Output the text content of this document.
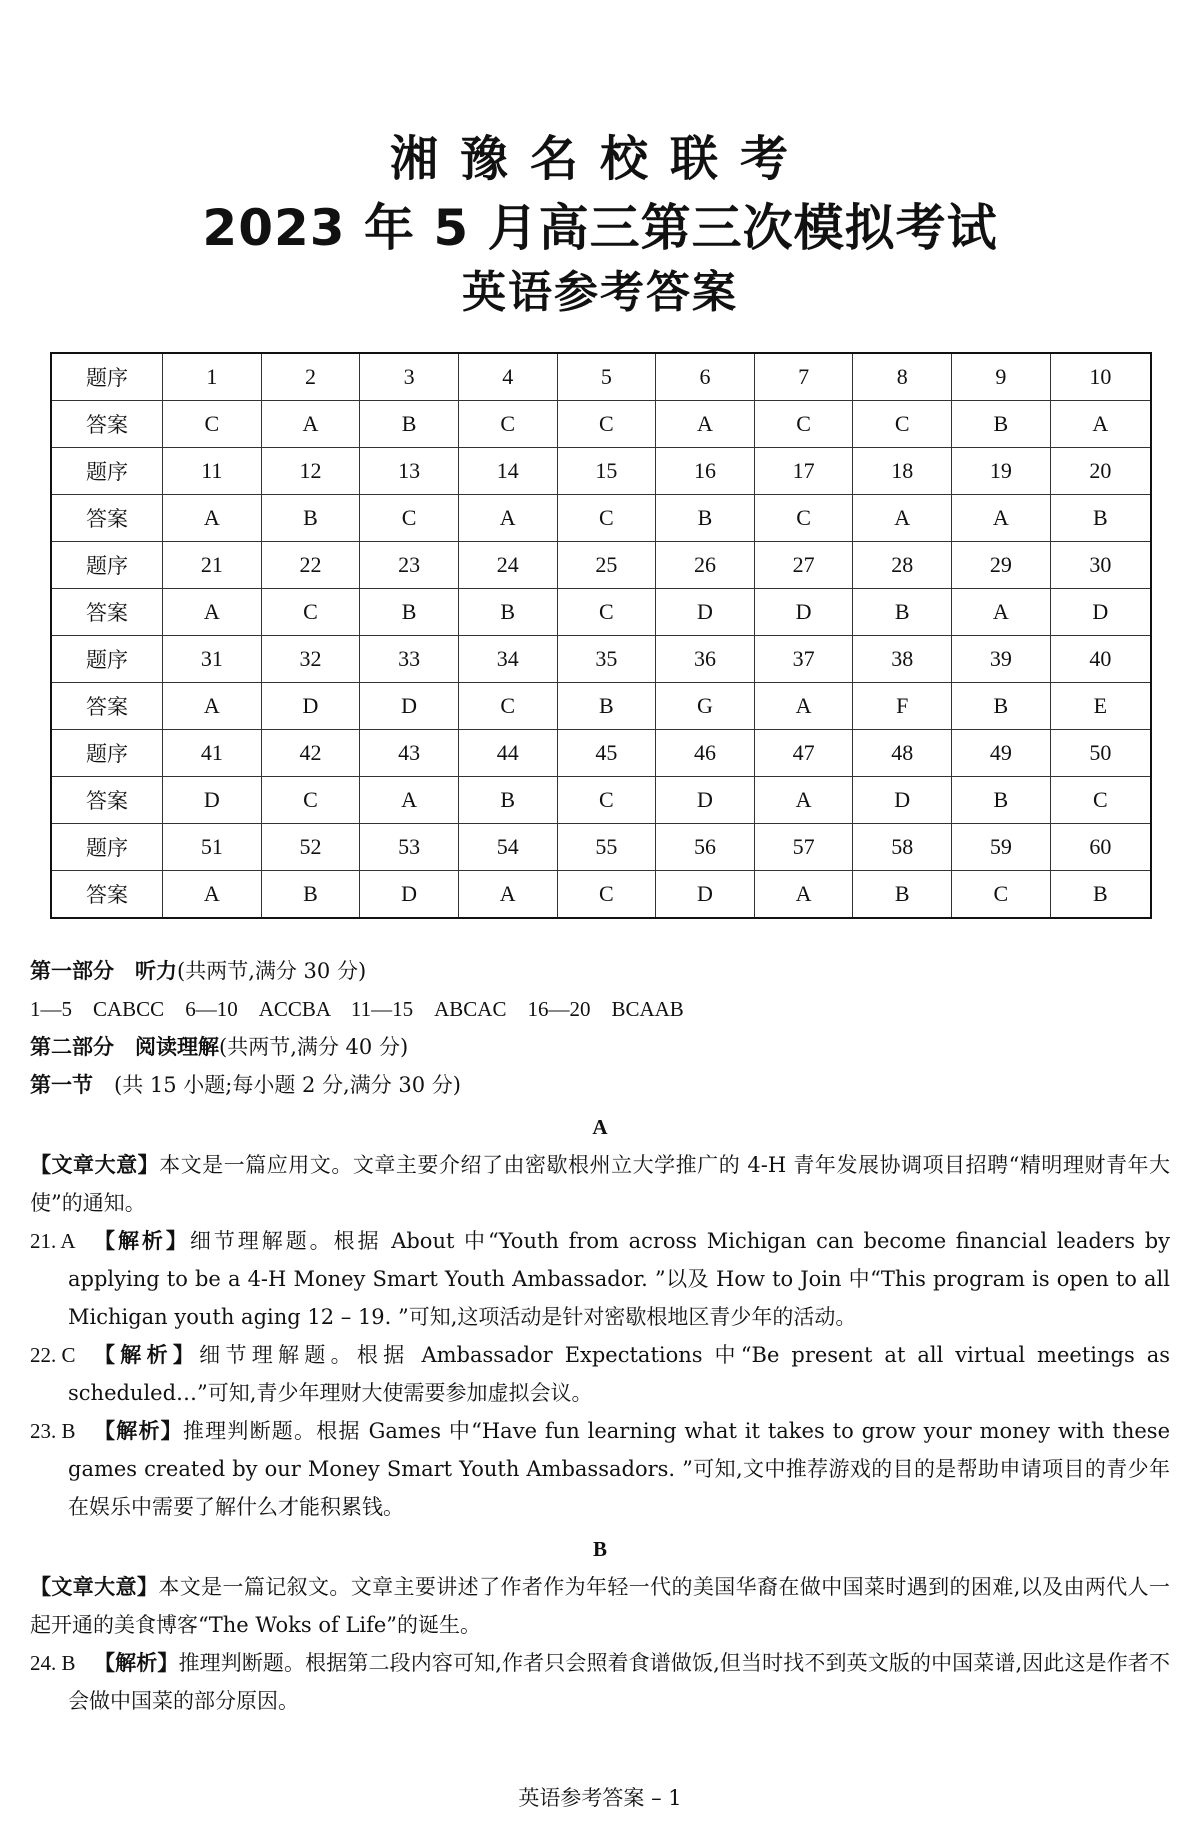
湘豫名校联考
2023 年 5 月高三第三次模拟考试
英语参考答案
题序	1	2	3	4	5	6	7	8	9	10
答案	C	A	B	C	C	A	C	C	B	A
题序	11	12	13	14	15	16	17	18	19	20
答案	A	B	C	A	C	B	C	A	A	B
题序	21	22	23	24	25	26	27	28	29	30
答案	A	C	B	B	C	D	D	B	A	D
题序	31	32	33	34	35	36	37	38	39	40
答案	A	D	D	C	B	G	A	F	B	E
题序	41	42	43	44	45	46	47	48	49	50
答案	D	C	A	B	C	D	A	D	B	C
题序	51	52	53	54	55	56	57	58	59	60
答案	A	B	D	A	C	D	A	B	C	B
第一部分　听力(共两节,满分 30 分)
1—5　CABCC　6—10　ACCBA　11—15　ABCAC　16—20　BCAAB
第二部分　阅读理解(共两节,满分 40 分)
第一节　(共 15 小题;每小题 2 分,满分 30 分)
A
【文章大意】本文是一篇应用文。文章主要介绍了由密歇根州立大学推广的 4-H 青年发展协调项目招聘“精明理财青年大使”的通知。
21. A 【解析】细节理解题。根据 About 中“Youth from across Michigan can become financial leaders by applying to be a 4-H Money Smart Youth Ambassador. ”以及 How to Join 中“This program is open to all Michigan youth aging 12 – 19. ”可知,这项活动是针对密歇根地区青少年的活动。
22. C 【解析】细节理解题。根据 Ambassador Expectations 中“Be present at all virtual meetings as scheduled…”可知,青少年理财大使需要参加虚拟会议。
23. B 【解析】推理判断题。根据 Games 中“Have fun learning what it takes to grow your money with these games created by our Money Smart Youth Ambassadors. ”可知,文中推荐游戏的目的是帮助申请项目的青少年在娱乐中需要了解什么才能积累钱。
B
【文章大意】本文是一篇记叙文。文章主要讲述了作者作为年轻一代的美国华裔在做中国菜时遇到的困难,以及由两代人一起开通的美食博客“The Woks of Life”的诞生。
24. B 【解析】推理判断题。根据第二段内容可知,作者只会照着食谱做饭,但当时找不到英文版的中国菜谱,因此这是作者不会做中国菜的部分原因。
英语参考答案 – 1
